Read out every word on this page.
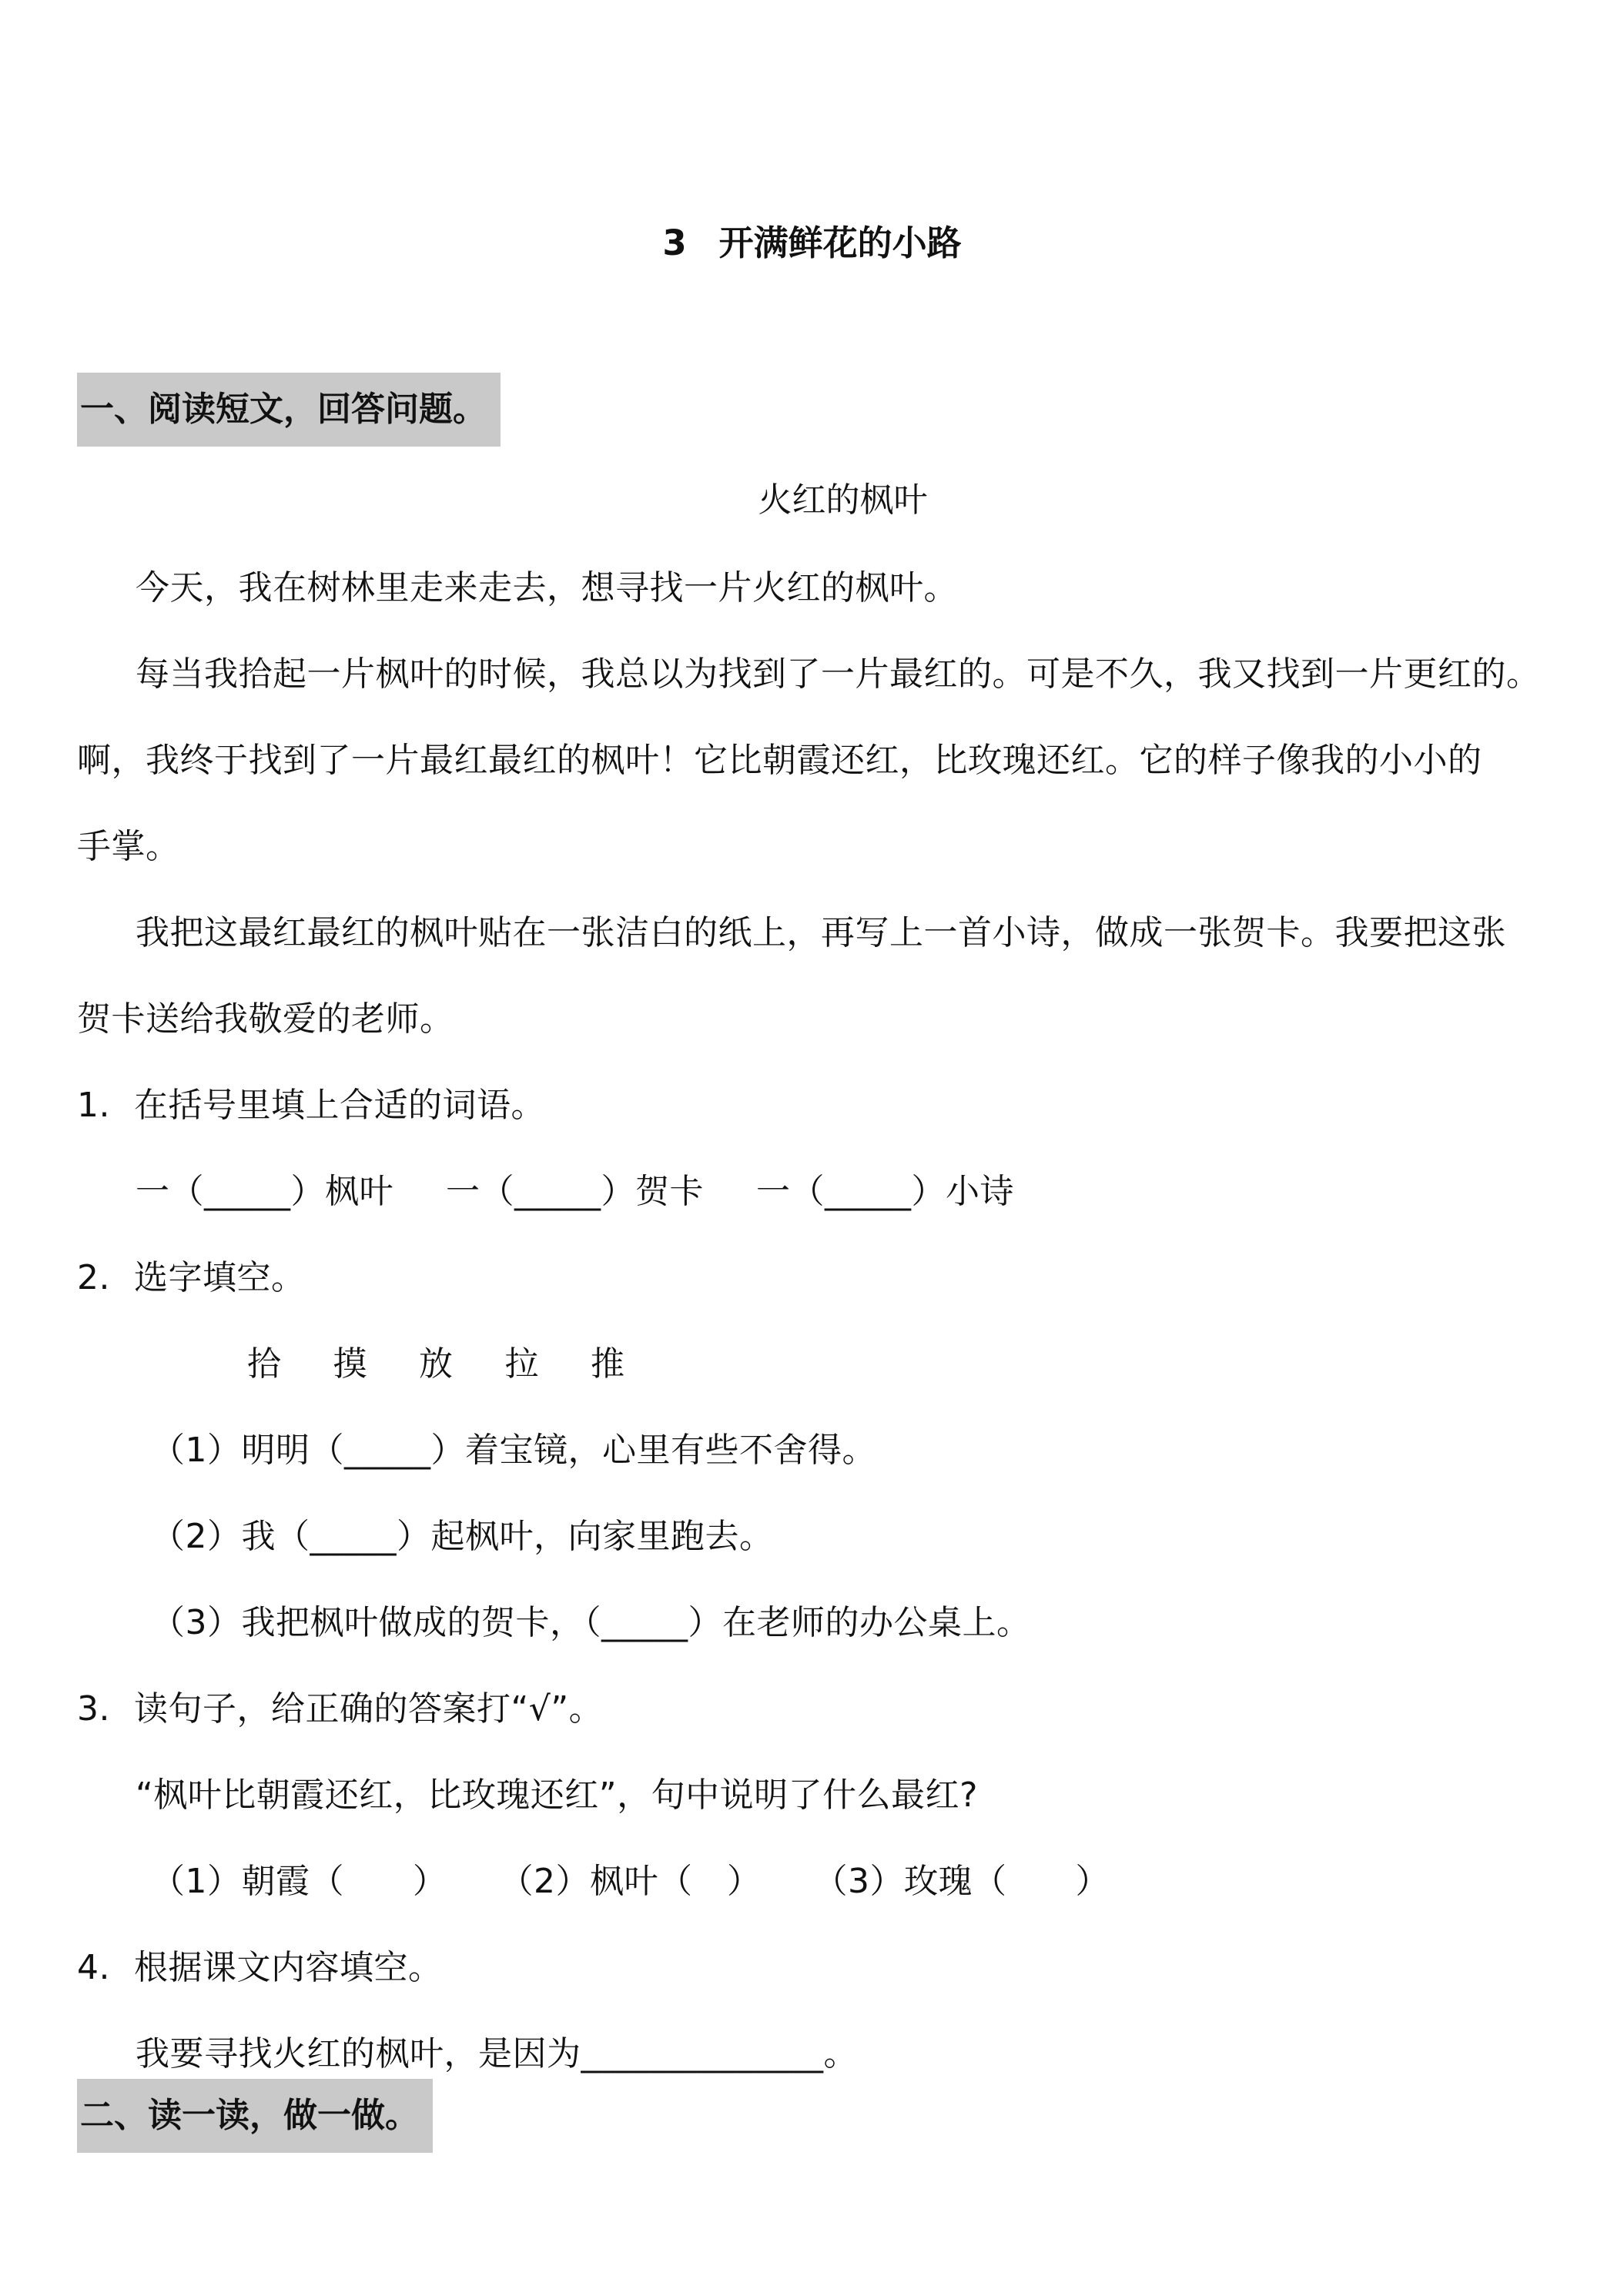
3 开满鲜花的小路
一、阅读短文，回答问题。
火红的枫叶
今天，我在树林里走来走去，想寻找一片火红的枫叶。
每当我拾起一片枫叶的时候，我总以为找到了一片最红的。可是不久，我又找到一片更红的。
啊，我终于找到了一片最红最红的枫叶！它比朝霞还红，比玫瑰还红。它的样子像我的小小的
手掌。
我把这最红最红的枫叶贴在一张洁白的纸上，再写上一首小诗，做成一张贺卡。我要把这张
贺卡送给我敬爱的老师。
1. 在括号里填上合适的词语。
一（_____）枫叶 一（_____）贺卡 一（_____）小诗
2. 选字填空。
拾 摸 放 拉 推
（1）明明（_____）着宝镜，心里有些不舍得。
（2）我（_____）起枫叶，向家里跑去。
（3）我把枫叶做成的贺卡，（_____）在老师的办公桌上。
3. 读句子，给正确的答案打“√”。
“枫叶比朝霞还红，比玫瑰还红”，句中说明了什么最红?
（1）朝霞（　　） （2）枫叶（　） （3）玫瑰（　　）
4. 根据课文内容填空。
我要寻找火红的枫叶，是因为______________。
二、读一读，做一做。
